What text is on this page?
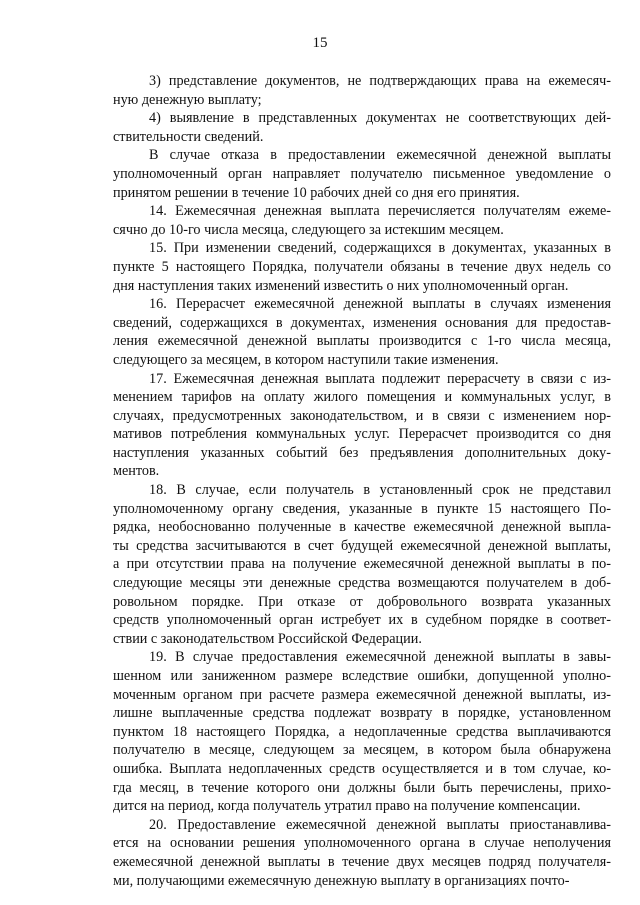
15
3) представление документов, не подтверждающих права на ежемесяч-
ную денежную выплату;
4) выявление в представленных документах не соответствующих дей-
ствительности сведений.
В случае отказа в предоставлении ежемесячной денежной выплаты
уполномоченный орган направляет получателю письменное уведомление о
принятом решении в течение 10 рабочих дней со дня его принятия.
14. Ежемесячная денежная выплата перечисляется получателям ежеме-
сячно до 10-го числа месяца, следующего за истекшим месяцем.
15. При изменении сведений, содержащихся в документах, указанных в
пункте 5 настоящего Порядка, получатели обязаны в течение двух недель со
дня наступления таких изменений известить о них уполномоченный орган.
16. Перерасчет ежемесячной денежной выплаты в случаях изменения
сведений, содержащихся в документах, изменения основания для предостав-
ления ежемесячной денежной выплаты производится с 1-го числа месяца,
следующего за месяцем, в котором наступили такие изменения.
17. Ежемесячная денежная выплата подлежит перерасчету в связи с из-
менением тарифов на оплату жилого помещения и коммунальных услуг, в
случаях, предусмотренных законодательством, и в связи с изменением нор-
мативов потребления коммунальных услуг. Перерасчет производится со дня
наступления указанных событий без предъявления дополнительных доку-
ментов.
18. В случае, если получатель в установленный срок не представил
уполномоченному органу сведения, указанные в пункте 15 настоящего По-
рядка, необоснованно полученные в качестве ежемесячной денежной выпла-
ты средства засчитываются в счет будущей ежемесячной денежной выплаты,
а при отсутствии права на получение ежемесячной денежной выплаты в по-
следующие месяцы эти денежные средства возмещаются получателем в доб-
ровольном порядке. При отказе от добровольного возврата указанных
средств уполномоченный орган истребует их в судебном порядке в соответ-
ствии с законодательством Российской Федерации.
19. В случае предоставления ежемесячной денежной выплаты в завы-
шенном или заниженном размере вследствие ошибки, допущенной уполно-
моченным органом при расчете размера ежемесячной денежной выплаты, из-
лишне выплаченные средства подлежат возврату в порядке, установленном
пунктом 18 настоящего Порядка, а недоплаченные средства выплачиваются
получателю в месяце, следующем за месяцем, в котором была обнаружена
ошибка. Выплата недоплаченных средств осуществляется и в том случае, ко-
гда месяц, в течение которого они должны были быть перечислены, прихо-
дится на период, когда получатель утратил право на получение компенсации.
20. Предоставление ежемесячной денежной выплаты приостанавлива-
ется на основании решения уполномоченного органа в случае неполучения
ежемесячной денежной выплаты в течение двух месяцев подряд получателя-
ми, получающими ежемесячную денежную выплату в организациях почто-
